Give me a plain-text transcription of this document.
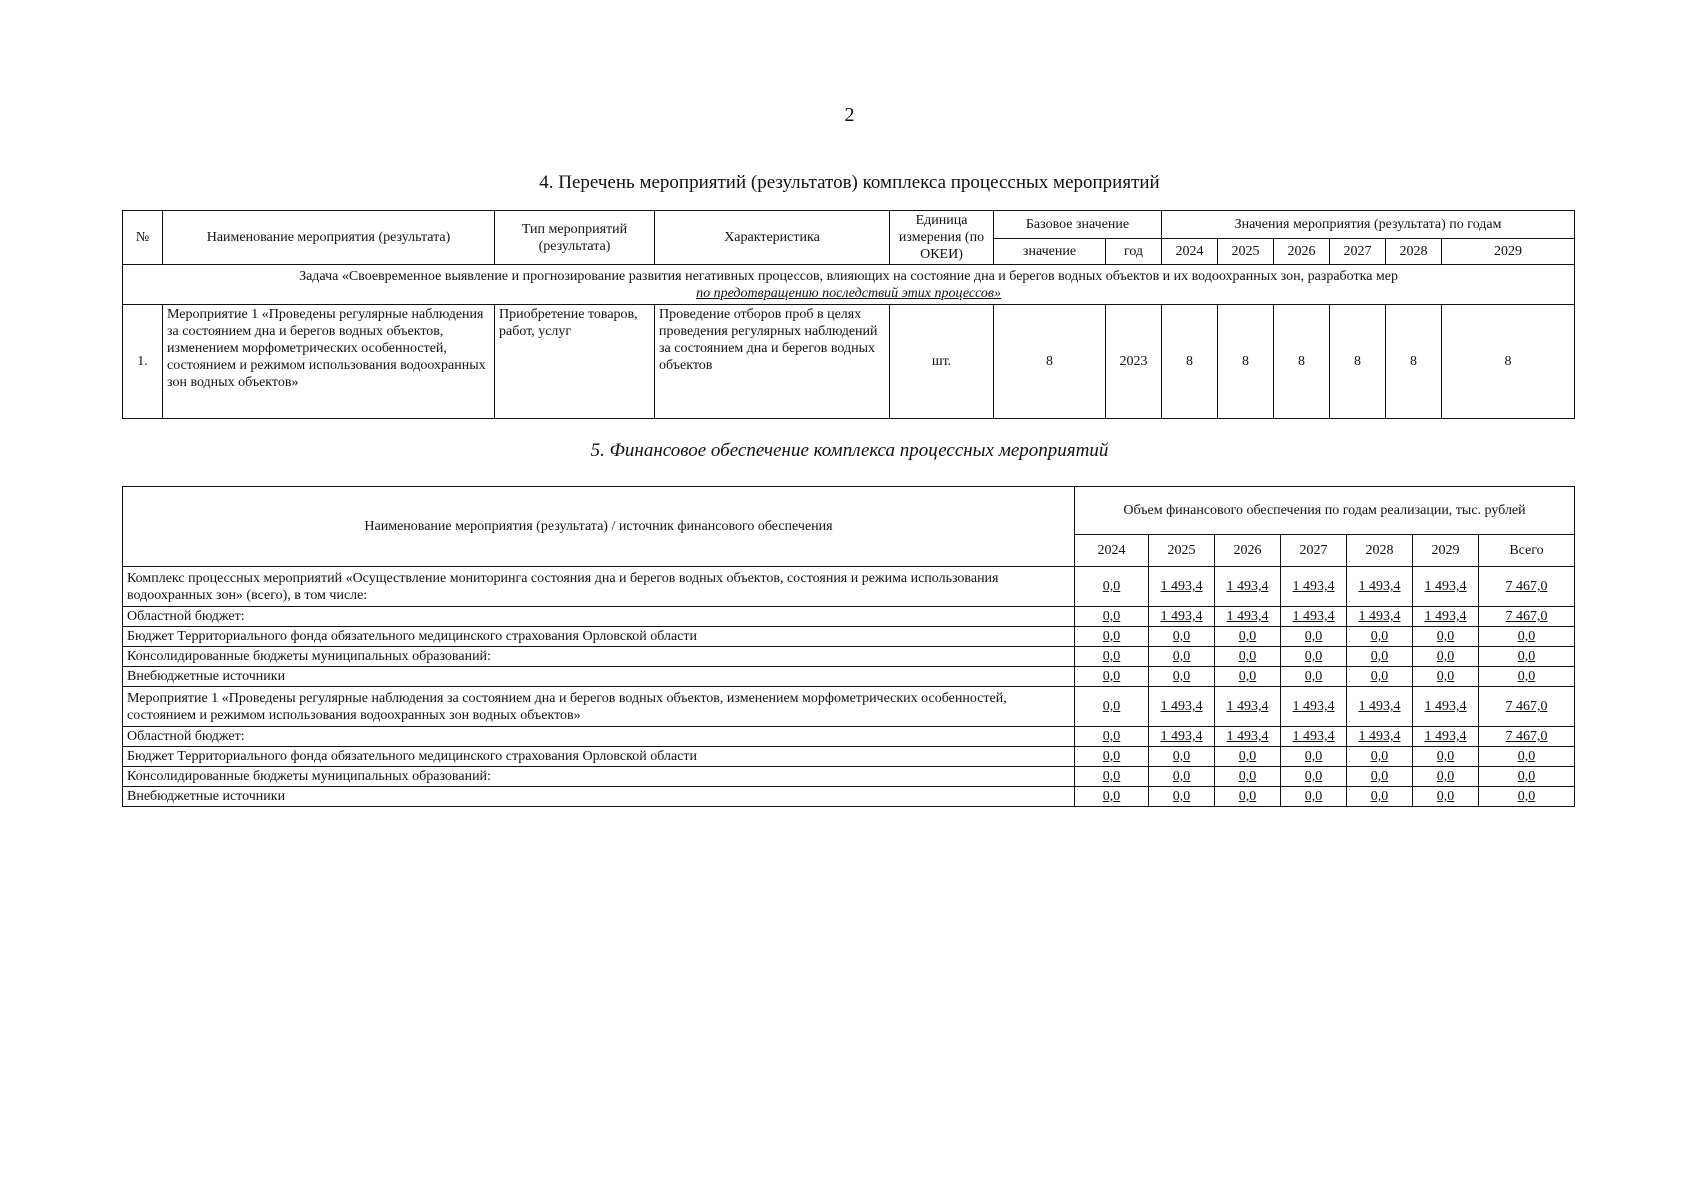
2
4. Перечень мероприятий (результатов) комплекса процессных мероприятий
№	Наименование мероприятия (результата)	Тип мероприятий (результата)	Характеристика	Единица измерения (по ОКЕИ)	Базовое значение		Значения мероприятия (результата) по годам					
					значение	год	2024	2025	2026	2027	2028	2029

Задача «Своевременное выявление и прогнозирование развития негативных процессов, влияющих на состояние дна и берегов водных объектов и их водоохранных зон, разработка мер
по предотвращению последствий этих процессов»												

1.	Мероприятие 1 «Проведены регулярные наблюдения за состоянием дна и берегов водных объектов, изменением морфометрических особенностей, состоянием и режимом использования водоохранных зон водных объектов»	Приобретение товаров, работ, услуг	Проведение отборов проб в целях проведения регулярных наблюдений за состоянием дна и берегов водных объектов	шт.	8	2023	8	8	8	8	8	8
5. Финансовое обеспечение комплекса процессных мероприятий
Наименование мероприятия (результата) / источник финансового обеспечения	Объем финансового обеспечения по годам реализации, тыс. рублей						
	2024	2025	2026	2027	2028	2029	Всего
Комплекс процессных мероприятий «Осуществление мониторинга состояния дна и берегов водных объектов, состояния и режима использования водоохранных зон» (всего), в том числе:	0,0	1 493,4	1 493,4	1 493,4	1 493,4	1 493,4	7 467,0
Областной бюджет:	0,0	1 493,4	1 493,4	1 493,4	1 493,4	1 493,4	7 467,0
Бюджет Территориального фонда обязательного медицинского страхования Орловской области	0,0	0,0	0,0	0,0	0,0	0,0	0,0
Консолидированные бюджеты муниципальных образований:	0,0	0,0	0,0	0,0	0,0	0,0	0,0
Внебюджетные источники	0,0	0,0	0,0	0,0	0,0	0,0	0,0
Мероприятие 1 «Проведены регулярные наблюдения за состоянием дна и берегов водных объектов, изменением морфометрических особенностей, состоянием и режимом использования водоохранных зон водных объектов»	0,0	1 493,4	1 493,4	1 493,4	1 493,4	1 493,4	7 467,0
Областной бюджет:	0,0	1 493,4	1 493,4	1 493,4	1 493,4	1 493,4	7 467,0
Бюджет Территориального фонда обязательного медицинского страхования Орловской области	0,0	0,0	0,0	0,0	0,0	0,0	0,0
Консолидированные бюджеты муниципальных образований:	0,0	0,0	0,0	0,0	0,0	0,0	0,0
Внебюджетные источники	0,0	0,0	0,0	0,0	0,0	0,0	0,0
